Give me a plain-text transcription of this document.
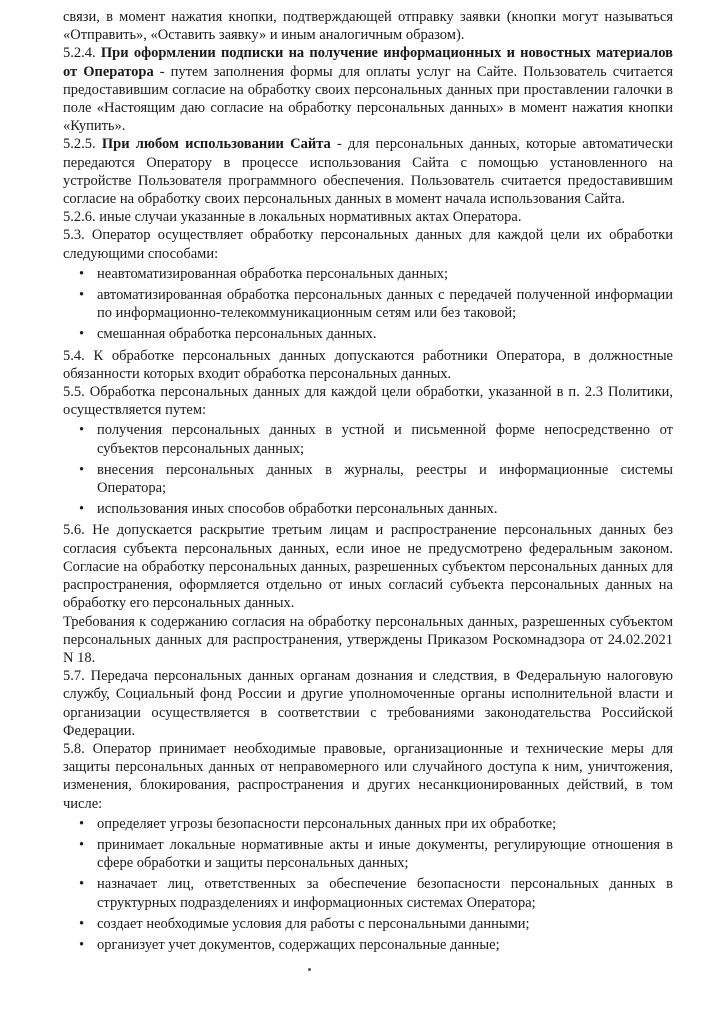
связи, в момент нажатия кнопки, подтверждающей отправку заявки (кнопки могут называться «Отправить», «Оставить заявку» и иным аналогичным образом).

5.2.4. При оформлении подписки на получение информационных и новостных материалов от Оператора - путем заполнения формы для оплаты услуг на Сайте. Пользователь считается предоставившим согласие на обработку своих персональных данных при проставлении галочки в поле «Настоящим даю согласие на обработку персональных данных» в момент нажатия кнопки «Купить».

5.2.5. При любом использовании Сайта - для персональных данных, которые автоматически передаются Оператору в процессе использования Сайта с помощью установленного на устройстве Пользователя программного обеспечения. Пользователь считается предоставившим согласие на обработку своих персональных данных в момент начала использования Сайта.

5.2.6. иные случаи указанные в локальных нормативных актах Оператора.

5.3. Оператор осуществляет обработку персональных данных для каждой цели их обработки следующими способами:

• неавтоматизированная обработка персональных данных;
• автоматизированная обработка персональных данных с передачей полученной информации по информационно-телекоммуникационным сетям или без таковой;
• смешанная обработка персональных данных.

5.4. К обработке персональных данных допускаются работники Оператора, в должностные обязанности которых входит обработка персональных данных.

5.5. Обработка персональных данных для каждой цели обработки, указанной в п. 2.3 Политики, осуществляется путем:

• получения персональных данных в устной и письменной форме непосредственно от субъектов персональных данных;
• внесения персональных данных в журналы, реестры и информационные системы Оператора;
• использования иных способов обработки персональных данных.

5.6. Не допускается раскрытие третьим лицам и распространение персональных данных без согласия субъекта персональных данных, если иное не предусмотрено федеральным законом. Согласие на обработку персональных данных, разрешенных субъектом персональных данных для распространения, оформляется отдельно от иных согласий субъекта персональных данных на обработку его персональных данных.

Требования к содержанию согласия на обработку персональных данных, разрешенных субъектом персональных данных для распространения, утверждены Приказом Роскомнадзора от 24.02.2021 N 18.

5.7. Передача персональных данных органам дознания и следствия, в Федеральную налоговую службу, Социальный фонд России и другие уполномоченные органы исполнительной власти и организации осуществляется в соответствии с требованиями законодательства Российской Федерации.

5.8. Оператор принимает необходимые правовые, организационные и технические меры для защиты персональных данных от неправомерного или случайного доступа к ним, уничтожения, изменения, блокирования, распространения и других несанкционированных действий, в том числе:

• определяет угрозы безопасности персональных данных при их обработке;
• принимает локальные нормативные акты и иные документы, регулирующие отношения в сфере обработки и защиты персональных данных;
• назначает лиц, ответственных за обеспечение безопасности персональных данных в структурных подразделениях и информационных системах Оператора;
• создает необходимые условия для работы с персональными данными;
• организует учет документов, содержащих персональные данные;
